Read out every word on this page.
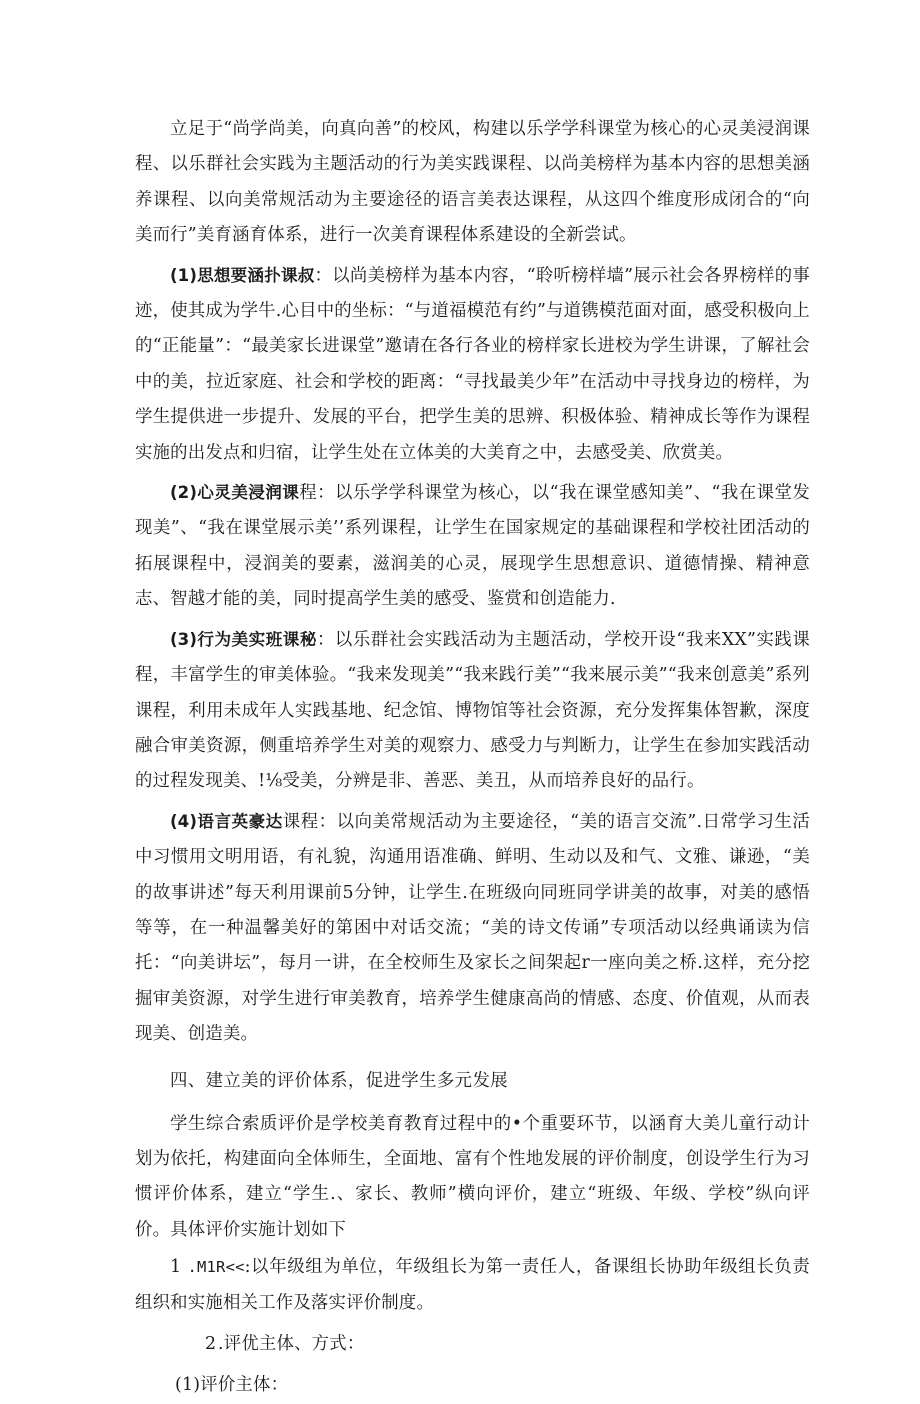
立足于“尚学尚美，向真向善”的校风，构建以乐学学科课堂为核心的心灵美浸润课程、以乐群社会实践为主题活动的行为美实践课程、以尚美榜样为基本内容的思想美涵养课程、以向美常规活动为主要途径的语言美表达课程，从这四个维度形成闭合的“向美而行”美育涵育体系，进行一次美育课程体系建设的全新尝试。

(1)思想要涵扑课叔：以尚美榜样为基本内容，“聆听榜样墙”展示社会各界榜样的事迹，使其成为学牛.心目中的坐标：“与道福模范有约”与道镌模范面对面，感受积极向上的“正能量”：“最美家长进课堂”邀请在各行各业的榜样家长进校为学生讲课，了解社会中的美，拉近家庭、社会和学校的距离：“寻找最美少年”在活动中寻找身边的榜样，为学生提供进一步提升、发展的平台，把学生美的思辨、积极体验、精神成长等作为课程实施的出发点和归宿，让学生处在立体美的大美育之中，去感受美、欣赏美。

(2)心灵美浸润课程：以乐学学科课堂为核心，以“我在课堂感知美”、“我在课堂发现美”、“我在课堂展示美’’系列课程，让学生在国家规定的基础课程和学校社团活动的拓展课程中，浸润美的要素，滋润美的心灵，展现学生思想意识、道德情操、精神意志、智越才能的美，同时提高学生美的感受、鉴赏和创造能力.

(3)行为美实班课秘：以乐群社会实践活动为主题活动，学校开设“我来XX”实践课程，丰富学生的审美体验。“我来发现美”“我来践行美”“我来展示美”“我来创意美”系列课程，利用未成年人实践基地、纪念馆、博物馆等社会资源，充分发挥集体智歉，深度融合审美资源，侧重培养学生对美的观察力、感受力与判断力，让学生在参加实践活动的过程发现美、!⅛受美，分辨是非、善恶、美丑，从而培养良好的品行。

(4)语言英豪达课程：以向美常规活动为主要途径，“美的语言交流”.日常学习生活中习惯用文明用语，有礼貌，沟通用语准确、鲜明、生动以及和气、文雅、谦逊，“美的故事讲述”每天利用课前5分钟，让学生.在班级向同班同学讲美的故事，对美的感悟等等，在一种温馨美好的第困中对话交流；“美的诗文传诵”专项活动以经典诵读为信托：“向美讲坛”，每月一讲，在全校师生及家长之间架起r一座向美之桥.这样，充分挖掘审美资源，对学生进行审美教育，培养学生健康高尚的情感、态度、价值观，从而表现美、创造美。

四、建立美的评价体系，促进学生多元发展

学生综合索质评价是学校美育教育过程中的•个重要环节，以涵育大美儿童行动计划为依托，构建面向全体师生，全面地、富有个性地发展的评价制度，创设学生行为习惯评价体系，建立“学生.、家长、教师”横向评价，建立“班级、年级、学校”纵向评价。具体评价实施计划如下

1 .M1R<<:以年级组为单位，年级组长为第一责任人，备课组长协助年级组长负责组织和实施相关工作及落实评价制度。

2.评优主体、方式：

(1)评价主体：
